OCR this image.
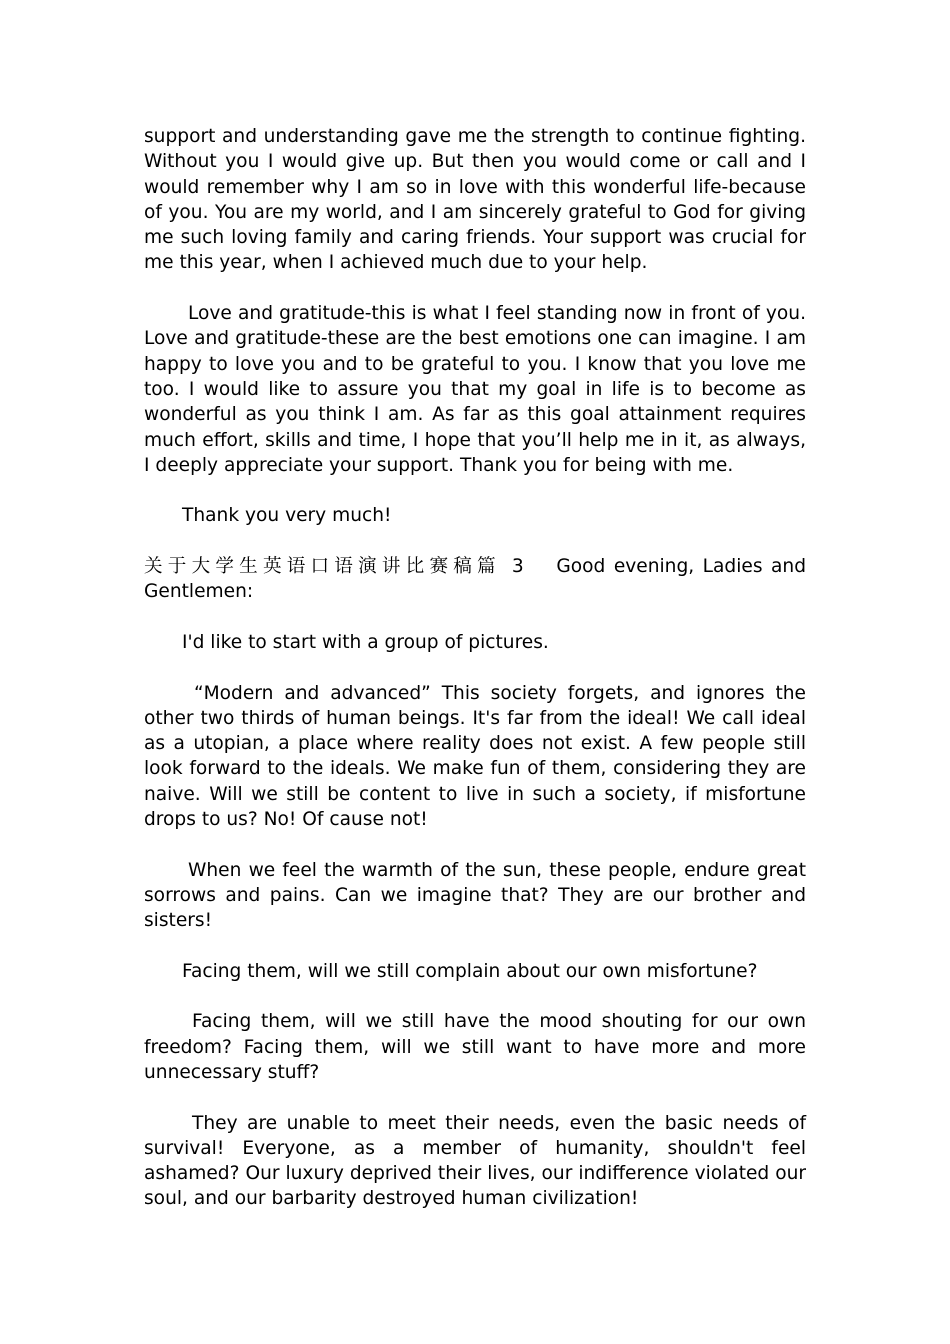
support and understanding gave me the strength to continue fighting. Without you I would give up. But then you would come or call and I would remember why I am so in love with this wonderful life-because of you. You are my world, and I am sincerely grateful to God for giving me such loving family and caring friends. Your support was crucial for me this year, when I achieved much due to your help.

Love and gratitude-this is what I feel standing now in front of you. Love and gratitude-these are the best emotions one can imagine. I am happy to love you and to be grateful to you. I know that you love me too. I would like to assure you that my goal in life is to become as wonderful as you think I am. As far as this goal attainment requires much effort, skills and time, I hope that you’ll help me in it, as always, I deeply appreciate your support. Thank you for being with me.

Thank you very much!

关于大学生英语口语演讲比赛稿篇 3 Good evening, Ladies and Gentlemen:

I'd like to start with a group of pictures.

“Modern and advanced” This society forgets, and ignores the other two thirds of human beings. It's far from the ideal! We call ideal as a utopian, a place where reality does not exist. A few people still look forward to the ideals. We make fun of them, considering they are naive. Will we still be content to live in such a society, if misfortune drops to us? No! Of cause not!

When we feel the warmth of the sun, these people, endure great sorrows and pains. Can we imagine that? They are our brother and sisters!

Facing them, will we still complain about our own misfortune?

Facing them, will we still have the mood shouting for our own freedom? Facing them, will we still want to have more and more unnecessary stuff?

They are unable to meet their needs, even the basic needs of survival! Everyone, as a member of humanity, shouldn't feel ashamed? Our luxury deprived their lives, our indifference violated our soul, and our barbarity destroyed human civilization!
